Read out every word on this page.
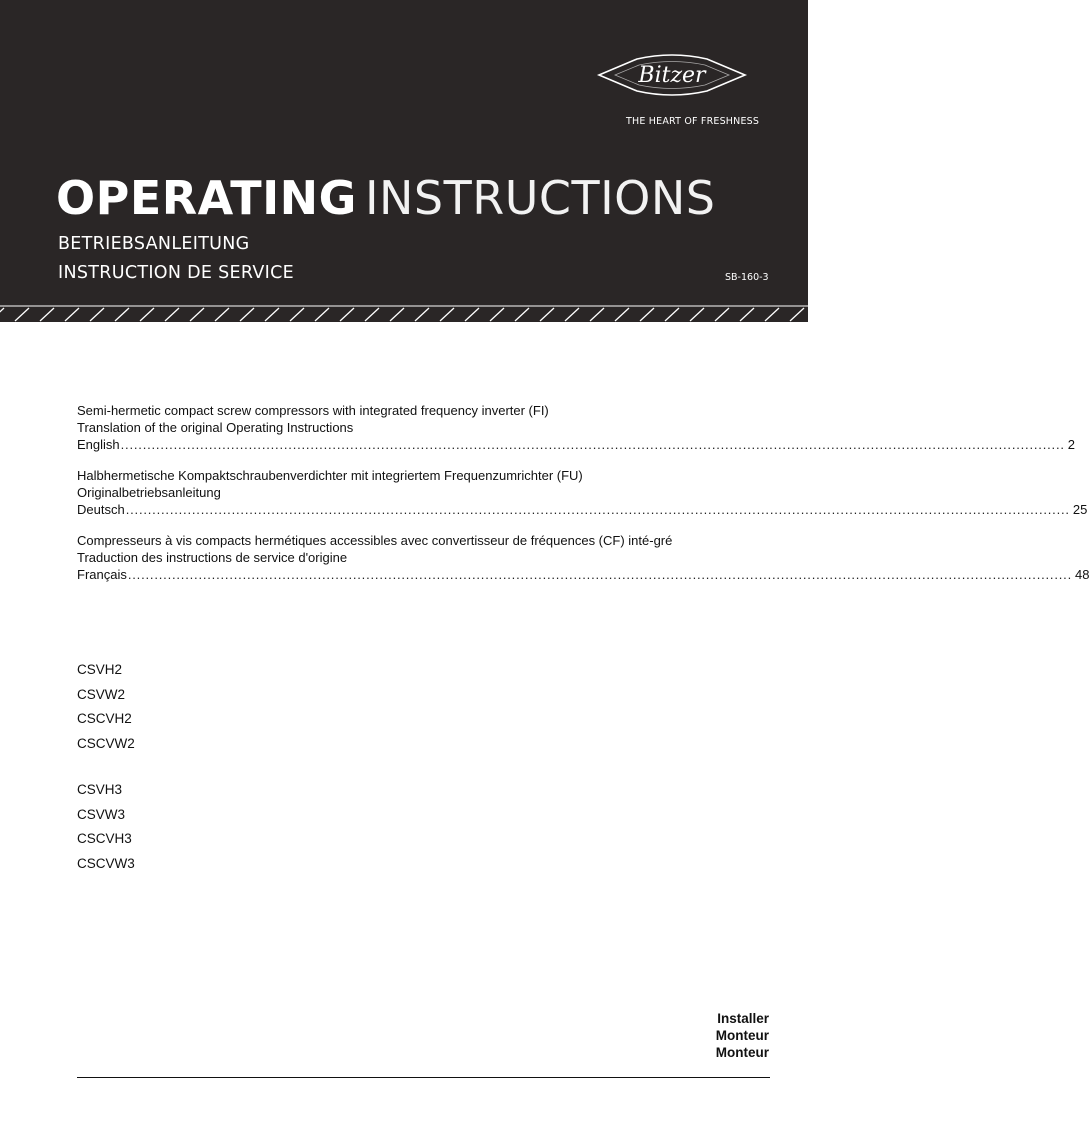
Bitzer
THE HEART OF FRESHNESS
OPERATING INSTRUCTIONS
BETRIEBSANLEITUNG
INSTRUCTION DE SERVICE	SB-160-3
Semi-hermetic compact screw compressors with integrated frequency inverter (FI)
Translation of the original Operating Instructions
English ...................................................................................................................................................................................................................... 2
Halbhermetische Kompaktschraubenverdichter mit integriertem Frequenzumrichter (FU)
Originalbetriebsanleitung
Deutsch ...................................................................................................................................................................................................................... 25
Compresseurs à vis compacts hermétiques accessibles avec convertisseur de fréquences (CF) inté-gré
Traduction des instructions de service d'origine
Français ...................................................................................................................................................................................................................... 48
CSVH2
CSVW2
CSCVH2
CSCVW2
CSVH3
CSVW3
CSCVH3
CSCVW3
Installer
Monteur
Monteur
